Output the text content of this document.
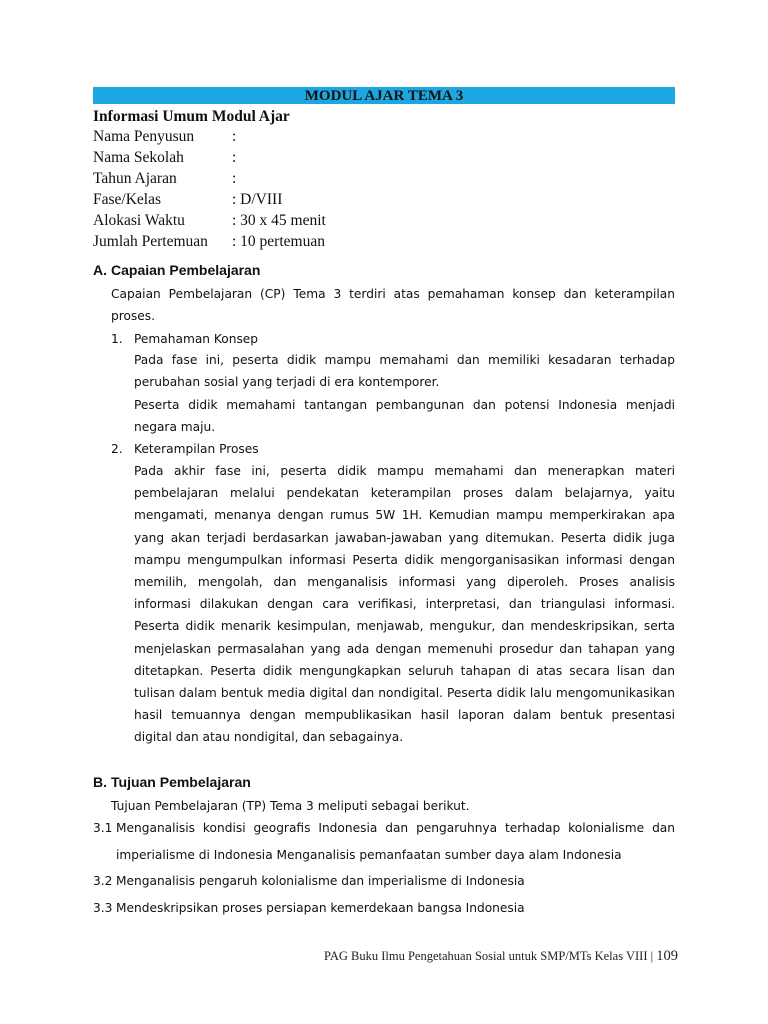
MODUL AJAR TEMA 3
Informasi Umum Modul Ajar
Nama Penyusun :
Nama Sekolah	:
Tahun Ajaran	:
Fase/Kelas	: D/VIII
Alokasi Waktu	: 30 x 45 menit
Jumlah Pertemuan : 10 pertemuan
A. Capaian Pembelajaran
Capaian Pembelajaran (CP) Tema 3 terdiri atas pemahaman konsep dan keterampilan proses.
1. Pemahaman Konsep
Pada fase ini, peserta didik mampu memahami dan memiliki kesadaran terhadap perubahan sosial yang terjadi di era kontemporer.
Peserta didik memahami tantangan pembangunan dan potensi Indonesia menjadi negara maju.
2. Keterampilan Proses
Pada akhir fase ini, peserta didik mampu memahami dan menerapkan materi pembelajaran melalui pendekatan keterampilan proses dalam belajarnya, yaitu mengamati, menanya dengan rumus 5W 1H. Kemudian mampu memperkirakan apa yang akan terjadi berdasarkan jawaban-jawaban yang ditemukan. Peserta didik juga mampu mengumpulkan informasi Peserta didik mengorganisasikan informasi dengan memilih, mengolah, dan menganalisis informasi yang diperoleh. Proses analisis informasi dilakukan dengan cara verifikasi, interpretasi, dan triangulasi informasi. Peserta didik menarik kesimpulan, menjawab, mengukur, dan mendeskripsikan, serta menjelaskan permasalahan yang ada dengan memenuhi prosedur dan tahapan yang ditetapkan. Peserta didik mengungkapkan seluruh tahapan di atas secara lisan dan tulisan dalam bentuk media digital dan nondigital. Peserta didik lalu mengomunikasikan hasil temuannya dengan mempublikasikan hasil laporan dalam bentuk presentasi digital dan atau nondigital, dan sebagainya.
B. Tujuan Pembelajaran
Tujuan Pembelajaran (TP) Tema 3 meliputi sebagai berikut.
3.1 Menganalisis kondisi geografis Indonesia dan pengaruhnya terhadap kolonialisme dan
imperialisme di Indonesia Menganalisis pemanfaatan sumber daya alam Indonesia
3.2 Menganalisis pengaruh kolonialisme dan imperialisme di Indonesia
3.3 Mendeskripsikan proses persiapan kemerdekaan bangsa Indonesia
PAG Buku Ilmu Pengetahuan Sosial untuk SMP/MTs Kelas VIII | 109
